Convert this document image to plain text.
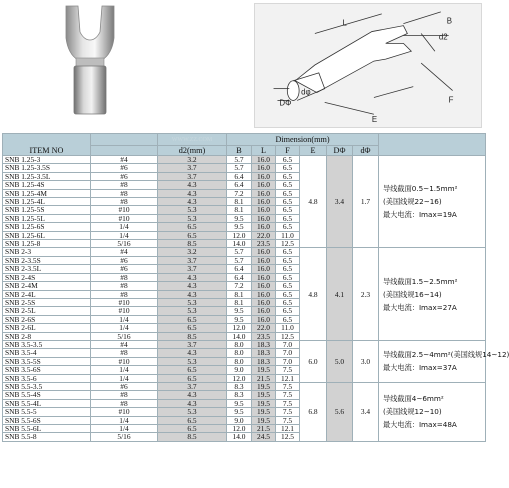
L	B
d2
dφ
DΦ
E
F
ITEM NO		WWW.ZZ.COM	Dimension(mm)						
		d2(mm)	B	L	F	E	DΦ	dΦ	
SNB 1.25-3	#4	3.2	5.7	16.0	6.5	4.8	3.4	1.7	导线截面0.5~1.5mm²
(美国线规22~16)
最大电流：Imax=19A

SNB 1.25-3.5S	#6	3.7	5.7	16.0	6.5				
SNB 1.25-3.5L	#6	3.7	6.4	16.0	6.5				
SNB 1.25-4S	#8	4.3	6.4	16.0	6.5				
SNB 1.25-4M	#8	4.3	7.2	16.0	6.5				
SNB 1.25-4L	#8	4.3	8.1	16.0	6.5				
SNB 1.25-5S	#10	5.3	8.1	16.0	6.5				
SNB 1.25-5L	#10	5.3	9.5	16.0	6.5				
SNB 1.25-6S	1/4	6.5	9.5	16.0	6.5				
SNB 1.25-6L	1/4	6.5	12.0	22.0	11.0				
SNB 1.25-8	5/16	8.5	14.0	23.5	12.5				
SNB 2-3	#4	3.2	5.7	16.0	6.5	4.8	4.1	2.3	导线截面1.5~2.5mm²
(美国线规16~14)
最大电流：Imax=27A

SNB 2-3.5S	#6	3.7	5.7	16.0	6.5				
SNB 2-3.5L	#6	3.7	6.4	16.0	6.5				
SNB 2-4S	#8	4.3	6.4	16.0	6.5				
SNB 2-4M	#8	4.3	7.2	16.0	6.5				
SNB 2-4L	#8	4.3	8.1	16.0	6.5				
SNB 2-5S	#10	5.3	8.1	16.0	6.5				
SNB 2-5L	#10	5.3	9.5	16.0	6.5				
SNB 2-6S	1/4	6.5	9.5	16.0	6.5				
SNB 2-6L	1/4	6.5	12.0	22.0	11.0				
SNB 2-8	5/16	8.5	14.0	23.5	12.5				
SNB 3.5-3.5	#4	3.7	8.0	18.3	7.0	6.0	5.0	3.0	导线截面2.5~4mm²(美国线规14~12)
最大电流：Imax=37A

SNB 3.5-4	#8	4.3	8.0	18.3	7.0				
SNB 3.5-5S	#10	5.3	8.0	18.3	7.0				
SNB 3.5-6S	1/4	6.5	9.0	19.5	7.5				
SNB 3.5-6	1/4	6.5	12.0	21.5	12.1				
SNB 5.5-3.5	#6	3.7	8.3	19.5	7.5	6.8	5.6	3.4	导线截面4~6mm²
(美国线规12~10)
最大电流：Imax=48A

SNB 5.5-4S	#8	4.3	8.3	19.5	7.5				
SNB 5.5-4L	#8	4.3	9.5	19.5	7.5				
SNB 5.5-5	#10	5.3	9.5	19.5	7.5				
SNB 5.5-6S	1/4	6.5	9.0	19.5	7.5				
SNB 5.5-6L	1/4	6.5	12.0	21.5	12.1				
SNB 5.5-8	5/16	8.5	14.0	24.5	12.5				
